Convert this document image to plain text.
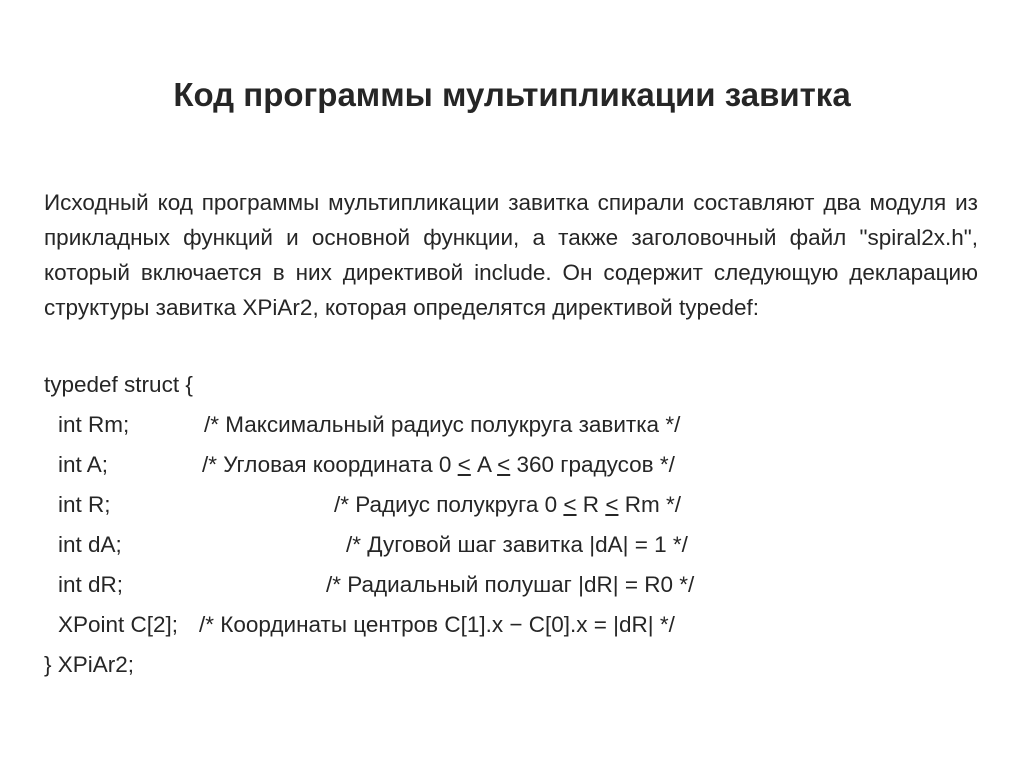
Код программы мультипликации завитка

Исходный код программы мультипликации завитка спирали составляют два модуля из прикладных функций и основной функции, а также заголовочный файл "spiral2x.h", который включается в них директивой include. Он содержит следующую декларацию структуры завитка XPiAr2, которая определятся директивой typedef:

typedef struct {
int Rm;	/* Максимальный радиус полукруга завитка */
int A;	/* Угловая координата 0 ≤ A ≤ 360 градусов */
int R;	/* Радиус полукруга 0 < R < Rm */
int dA;	/* Дуговой шаг завитка |dA| = 1 */
int dR;	/* Радиальный полушаг |dR| = R0 */
XPoint C[2]; /* Координаты центров C[1].x − C[0].x = |dR| */
} XPiAr2;
